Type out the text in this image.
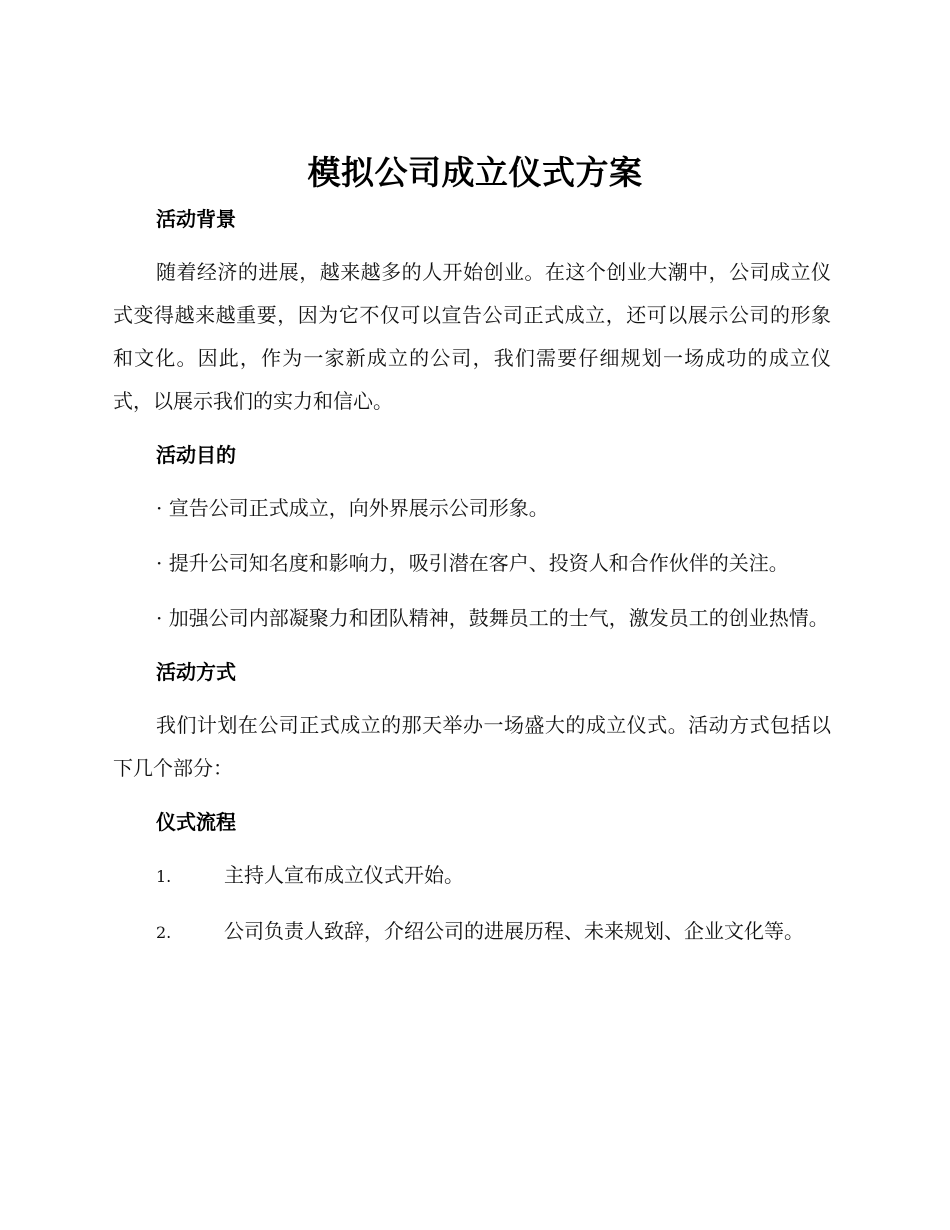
模拟公司成立仪式方案
活动背景

随着经济的进展，越来越多的人开始创业。在这个创业大潮中，公司成立仪式变得越来越重要，因为它不仅可以宣告公司正式成立，还可以展示公司的形象和文化。因此，作为一家新成立的公司，我们需要仔细规划一场成功的成立仪式，以展示我们的实力和信心。

活动目的

· 宣告公司正式成立，向外界展示公司形象。

· 提升公司知名度和影响力，吸引潜在客户、投资人和合作伙伴的关注。

· 加强公司内部凝聚力和团队精神，鼓舞员工的士气，激发员工的创业热情。

活动方式

我们计划在公司正式成立的那天举办一场盛大的成立仪式。活动方式包括以下几个部分：

仪式流程

1.	主持人宣布成立仪式开始。

2.	公司负责人致辞，介绍公司的进展历程、未来规划、企业文化等。
